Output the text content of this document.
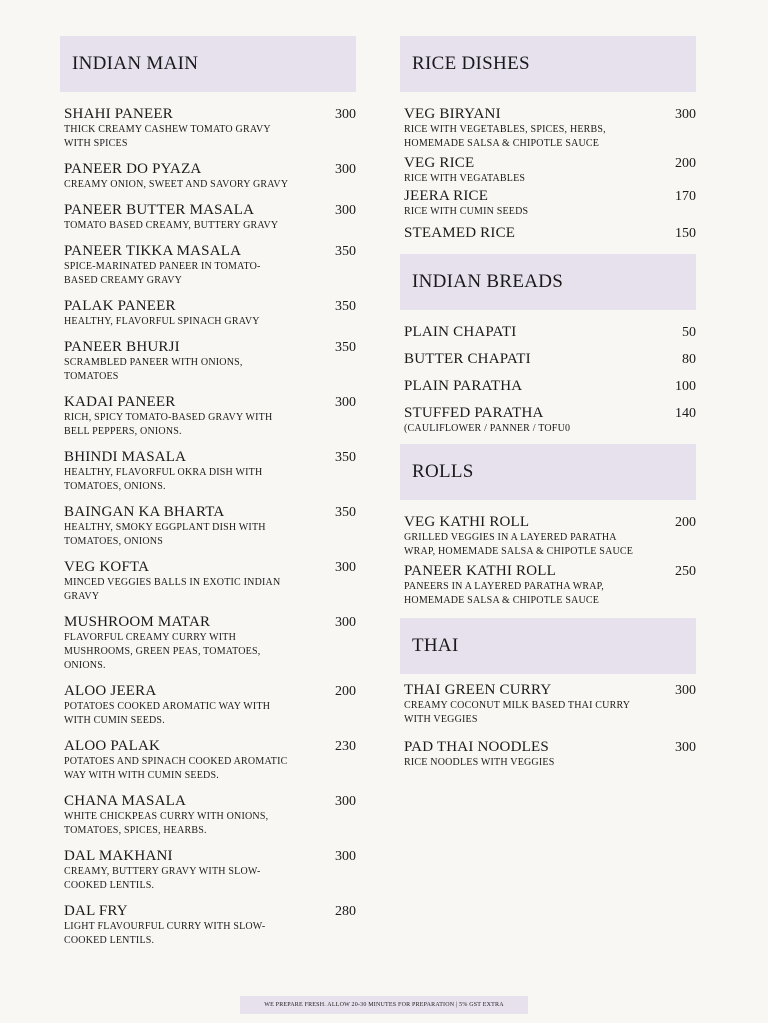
INDIAN MAIN
SHAHI PANEER	300
THICK CREAMY CASHEW TOMATO GRAVY WITH SPICES
PANEER DO PYAZA	300
CREAMY ONION, SWEET AND SAVORY GRAVY
PANEER BUTTER MASALA	300
TOMATO BASED CREAMY, BUTTERY GRAVY
PANEER TIKKA MASALA	350
SPICE-MARINATED PANEER IN TOMATO-BASED CREAMY GRAVY
PALAK PANEER	350
HEALTHY, FLAVORFUL SPINACH GRAVY
PANEER BHURJI	350
SCRAMBLED PANEER WITH ONIONS, TOMATOES
KADAI PANEER	300
RICH, SPICY TOMATO-BASED GRAVY WITH BELL PEPPERS, ONIONS.
BHINDI MASALA	350
HEALTHY, FLAVORFUL OKRA DISH WITH TOMATOES, ONIONS.
BAINGAN KA BHARTA	350
HEALTHY, SMOKY EGGPLANT DISH WITH TOMATOES, ONIONS
VEG KOFTA	300
MINCED VEGGIES BALLS IN EXOTIC INDIAN GRAVY
MUSHROOM MATAR	300
FLAVORFUL CREAMY CURRY WITH MUSHROOMS, GREEN PEAS, TOMATOES, ONIONS.
ALOO JEERA	200
POTATOES COOKED AROMATIC WAY WITH WITH CUMIN SEEDS.
ALOO PALAK	230
POTATOES AND SPINACH COOKED AROMATIC WAY WITH WITH CUMIN SEEDS.
CHANA MASALA	300
WHITE CHICKPEAS CURRY WITH ONIONS, TOMATOES, SPICES, HEARBS.
DAL MAKHANI	300
CREAMY, BUTTERY GRAVY WITH SLOW-COOKED LENTILS.
DAL FRY	280
LIGHT FLAVOURFUL CURRY WITH SLOW-COOKED LENTILS.
RICE DISHES
VEG BIRYANI	300
RICE WITH VEGETABLES, SPICES, HERBS, HOMEMADE SALSA & CHIPOTLE SAUCE
VEG RICE	200
RICE WITH VEGATABLES
JEERA RICE	170
RICE WITH CUMIN SEEDS
STEAMED RICE	150
INDIAN BREADS
PLAIN CHAPATI	50
BUTTER CHAPATI	80
PLAIN PARATHA	100
STUFFED PARATHA	140
(CAULIFLOWER / PANNER / TOFU0
ROLLS
VEG KATHI ROLL	200
GRILLED VEGGIES IN A LAYERED PARATHA WRAP, HOMEMADE SALSA & CHIPOTLE SAUCE
PANEER KATHI ROLL	250
PANEERS IN A LAYERED PARATHA WRAP, HOMEMADE SALSA & CHIPOTLE SAUCE
THAI
THAI GREEN CURRY	300
CREAMY COCONUT MILK BASED THAI CURRY WITH VEGGIES
PAD THAI NOODLES	300
RICE NOODLES WITH VEGGIES
WE PREPARE FRESH. ALLOW 20-30 MINUTES FOR PREPARATION | 5% GST EXTRA
